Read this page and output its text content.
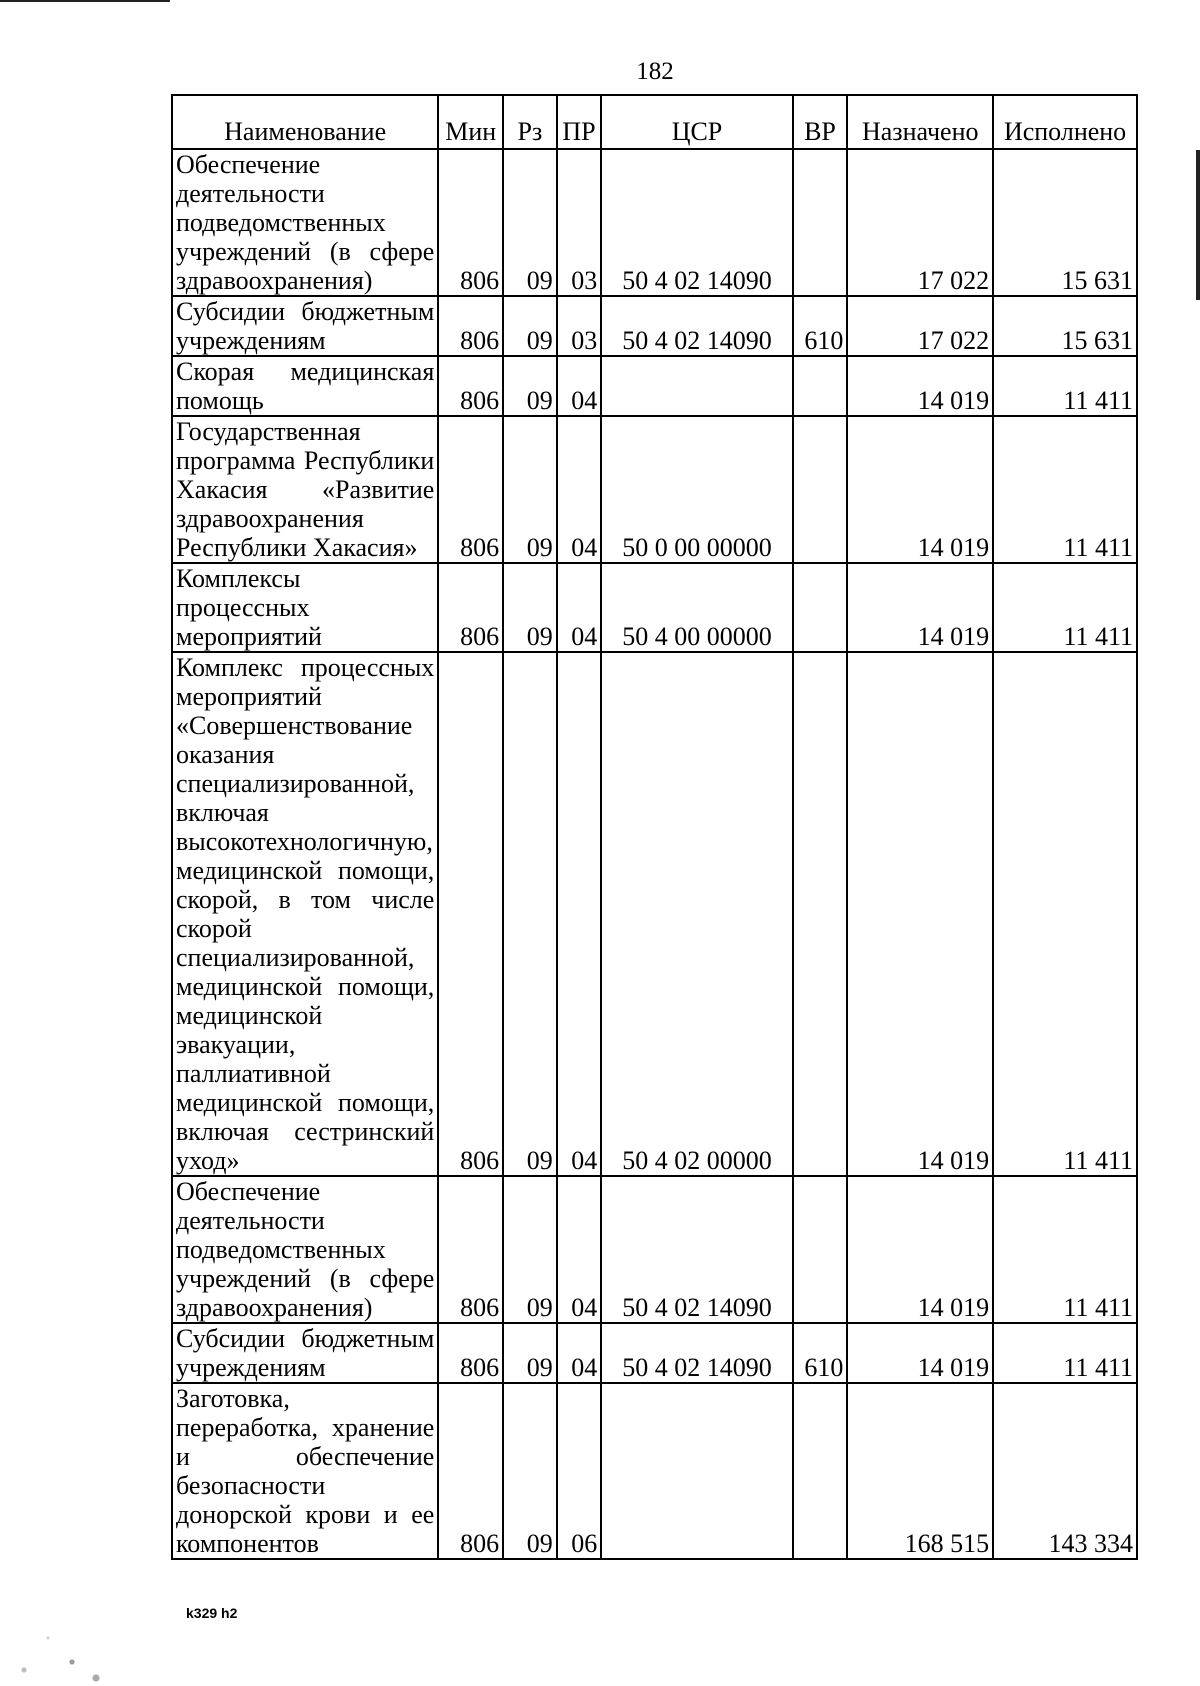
182
Наименование	Мин	Рз	ПР	ЦСР	ВР	Назначено	Исполнено
Обеспечение деятельности подведомственных учреждений (в сфере здравоохранения)	806	09	03	50 4 02 14090		17 022	15 631
Субсидии бюджетным учреждениям	806	09	03	50 4 02 14090	610	17 022	15 631
Скорая медицинская помощь	806	09	04			14 019	11 411
Государственная программа Республики Хакасия «Развитие здравоохранения Республики Хакасия»	806	09	04	50 0 00 00000		14 019	11 411
Комплексы процессных мероприятий	806	09	04	50 4 00 00000		14 019	11 411
Комплекс процессных мероприятий «Совершенствование оказания специализированной, включая высокотехнологичную, медицинской помощи, скорой, в том числе скорой специализированной, медицинской помощи, медицинской эвакуации, паллиативной медицинской помощи, включая сестринский уход»	806	09	04	50 4 02 00000		14 019	11 411
Обеспечение деятельности подведомственных учреждений (в сфере здравоохранения)	806	09	04	50 4 02 14090		14 019	11 411
Субсидии бюджетным учреждениям	806	09	04	50 4 02 14090	610	14 019	11 411
Заготовка, переработка, хранение и обеспечение безопасности донорской крови и ее компонентов	806	09	06			168 515	143 334
k329 h2
